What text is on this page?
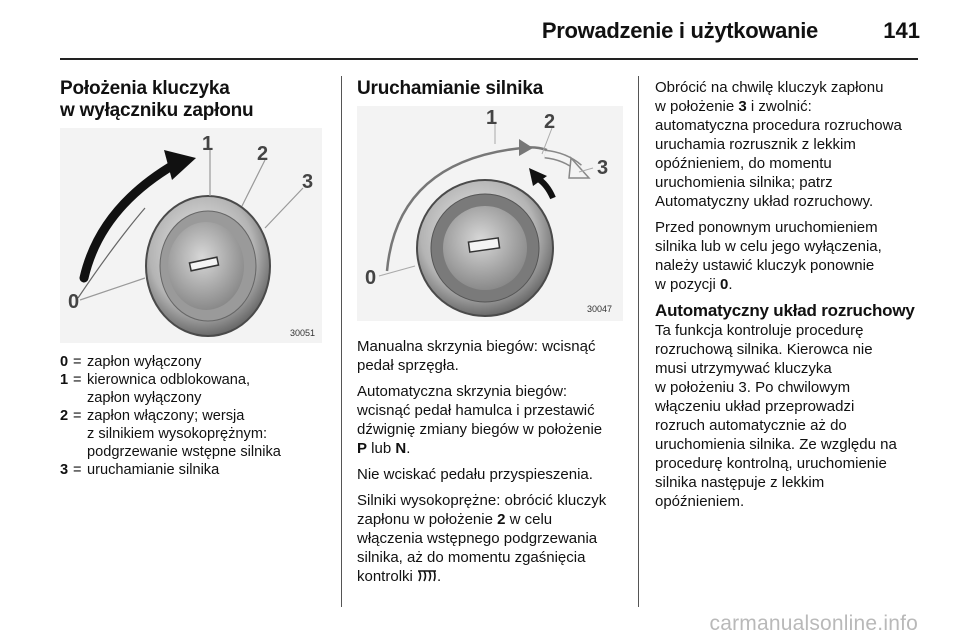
Prowadzenie i użytkowanie	141
Położenia kluczyka
w wyłączniku zapłonu
0
1 2
3
30051
0 = zapłon wyłączony
1 = kierownica odblokowana,
zapłon wyłączony
2 = zapłon włączony; wersja
z silnikiem wysokoprężnym:
podgrzewanie wstępne silnika
3 = uruchamianie silnika
Uruchamianie silnika
0
1 2
3
30047

Manualna skrzynia biegów: wcisnąć
pedał sprzęgła.

Automatyczna skrzynia biegów:
wcisnąć pedał hamulca i przestawić
dźwignię zmiany biegów w położenie
P lub N.

Nie wciskać pedału przyspieszenia.

Silniki wysokoprężne: obrócić kluczyk
zapłonu w położenie 2 w celu
włączenia wstępnego podgrzewania
silnika, aż do momentu zgaśnięcia
kontrolki .

Obrócić na chwilę kluczyk zapłonu
w położenie 3 i zwolnić:
automatyczna procedura rozruchowa
uruchamia rozrusznik z lekkim
opóźnieniem, do momentu
uruchomienia silnika; patrz
Automatyczny układ rozruchowy.

Przed ponownym uruchomieniem
silnika lub w celu jego wyłączenia,
należy ustawić kluczyk ponownie
w pozycji 0.

Automatyczny układ rozruchowy

Ta funkcja kontroluje procedurę
rozruchową silnika. Kierowca nie
musi utrzymywać kluczyka
w położeniu 3. Po chwilowym
włączeniu układ przeprowadzi
rozruch automatycznie aż do
uruchomienia silnika. Ze względu na
procedurę kontrolną, uruchomienie
silnika następuje z lekkim
opóźnieniem.

carmanualsonline.info
